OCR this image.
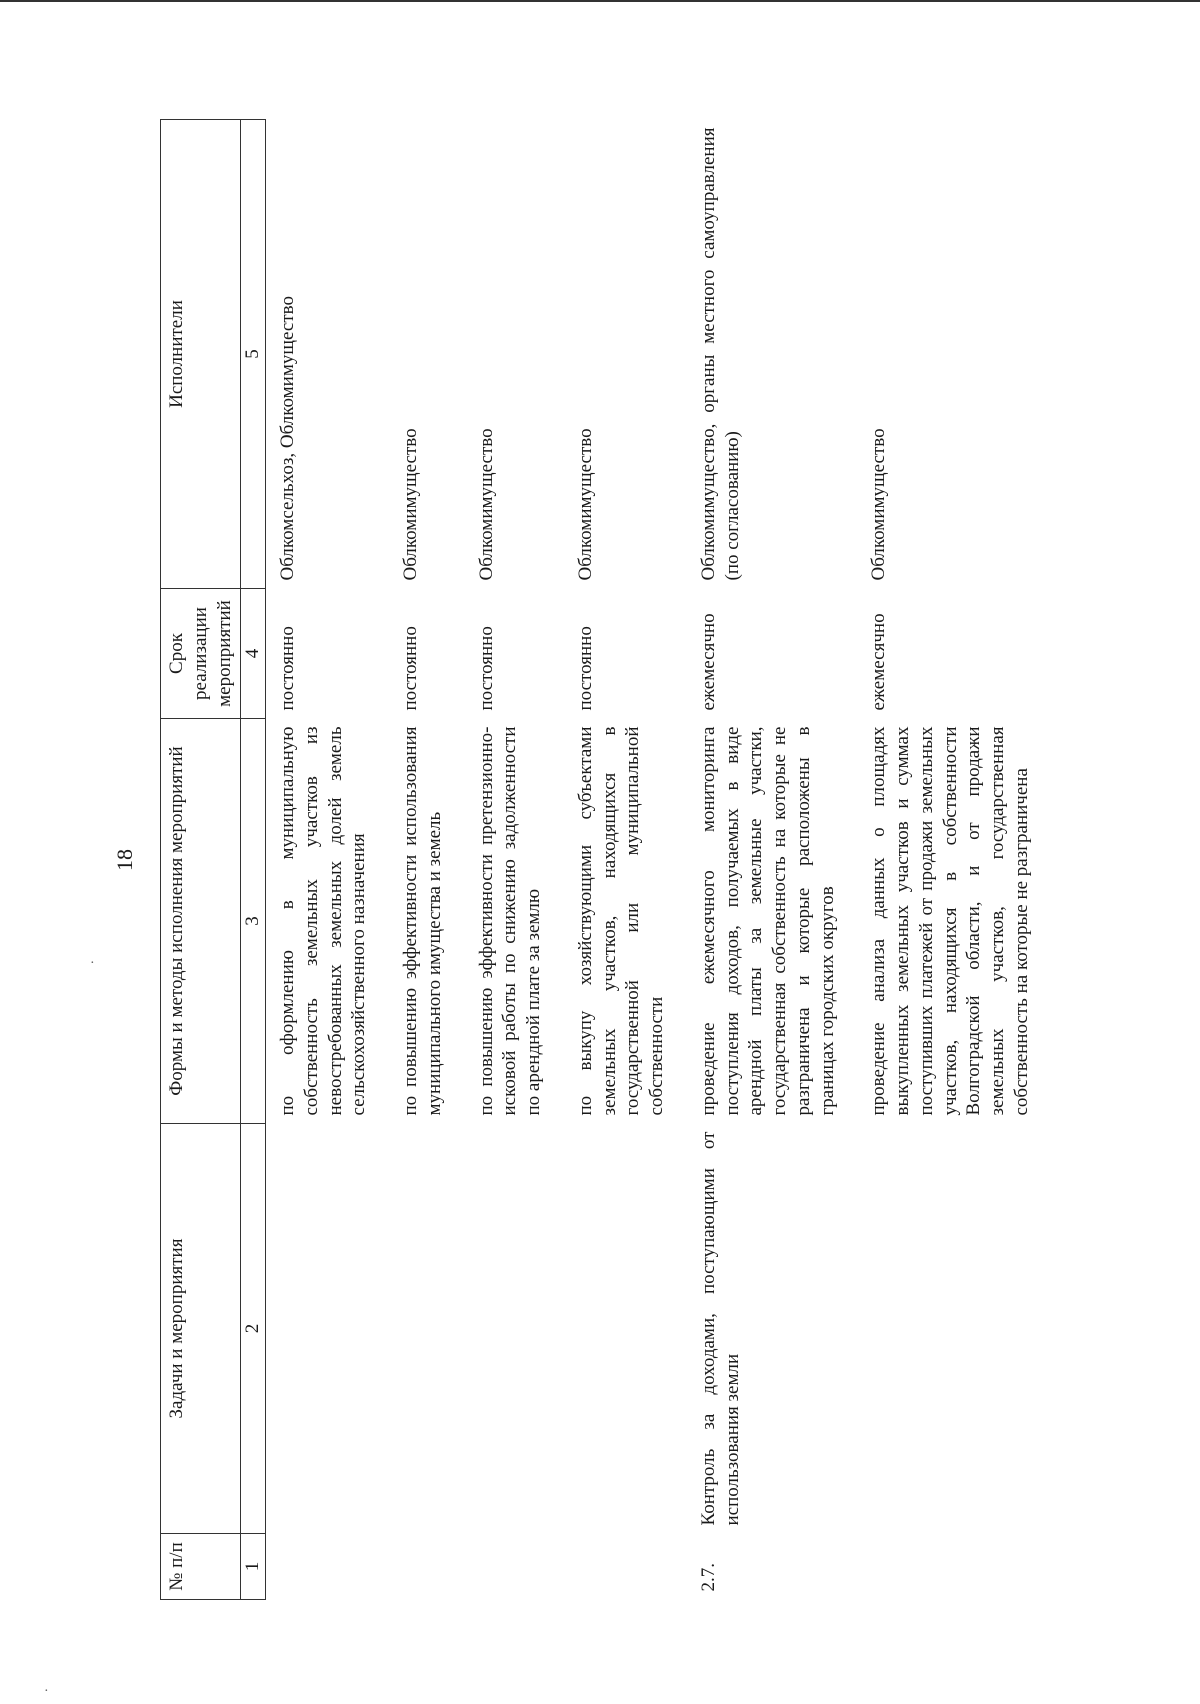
·
·
18
№ п/п	Задачи и мероприятия	Формы и методы исполнения мероприятий	Срок реализации мероприятий	Исполнители
1	2	3	4	5
		по оформлению в муниципальную собственность земельных участков из невостребованных земельных долей земель сельскохозяйственного назначения	постоянно	Облкомсельхоз, Облкомимущество
		по повышению эффективности использования муниципального имущества и земель	постоянно	Облкомимущество
		по повышению эффективности претензионно-исковой работы по снижению задолженности по арендной плате за землю	постоянно	Облкомимущество
		по выкупу хозяйствующими субъектами земельных участков, находящихся в государственной или муниципальной собственности	постоянно	Облкомимущество
2.7.	Контроль за доходами, поступающими от использования земли	проведение ежемесячного мониторинга поступления доходов, получаемых в виде арендной платы за земельные участки, государственная собственность на которые не разграничена и которые расположены в границах городских округов	ежемесячно	Облкомимущество, органы местного самоуправления (по согласованию)
		проведение анализа данных о площадях выкупленных земельных участков и суммах поступивших платежей от продажи земельных участков, находящихся в собственности Волгоградской области, и от продажи земельных участков, государственная собственность на которые не разграничена	ежемесячно	Облкомимущество
